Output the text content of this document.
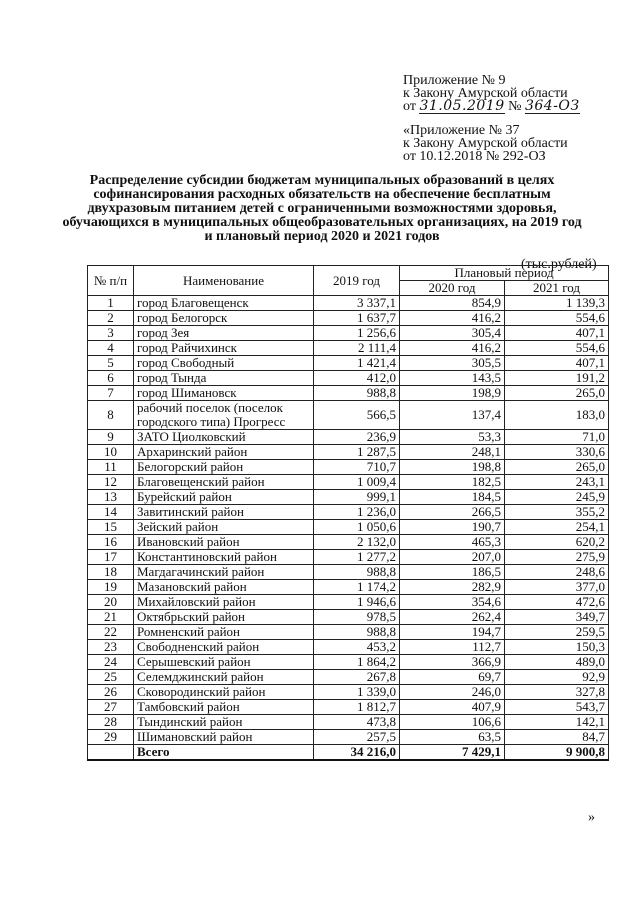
Приложение № 9
к Закону Амурской области
от 31.05.2019 № 364-ОЗ
«Приложение № 37
к Закону Амурской области
от 10.12.2018 № 292-ОЗ
Распределение субсидии бюджетам муниципальных образований в целях софинансирования расходных обязательств на обеспечение бесплатным двухразовым питанием детей с ограниченными возможностями здоровья, обучающихся в муниципальных общеобразовательных организациях, на 2019 год и плановый период 2020 и 2021 годов
(тыс.рублей)
№ п/п	Наименование	2019 год	Плановый период	
			2020 год	2021 год
1	город Благовещенск	3 337,1	854,9	1 139,3
2	город Белогорск	1 637,7	416,2	554,6
3	город Зея	1 256,6	305,4	407,1
4	город Райчихинск	2 111,4	416,2	554,6
5	город Свободный	1 421,4	305,5	407,1
6	город Тында	412,0	143,5	191,2
7	город Шимановск	988,8	198,9	265,0
8	рабочий поселок (поселок городского типа) Прогресс	566,5	137,4	183,0
9	ЗАТО Циолковский	236,9	53,3	71,0
10	Архаринский район	1 287,5	248,1	330,6
11	Белогорский район	710,7	198,8	265,0
12	Благовещенский район	1 009,4	182,5	243,1
13	Бурейский район	999,1	184,5	245,9
14	Завитинский район	1 236,0	266,5	355,2
15	Зейский район	1 050,6	190,7	254,1
16	Ивановский район	2 132,0	465,3	620,2
17	Константиновский район	1 277,2	207,0	275,9
18	Магдагачинский район	988,8	186,5	248,6
19	Мазановский район	1 174,2	282,9	377,0
20	Михайловский район	1 946,6	354,6	472,6
21	Октябрьский район	978,5	262,4	349,7
22	Ромненский район	988,8	194,7	259,5
23	Свободненский район	453,2	112,7	150,3
24	Серышевский район	1 864,2	366,9	489,0
25	Селемджинский район	267,8	69,7	92,9
26	Сковородинский район	1 339,0	246,0	327,8
27	Тамбовский район	1 812,7	407,9	543,7
28	Тындинский район	473,8	106,6	142,1
29	Шимановский район	257,5	63,5	84,7
	Всего	34 216,0	7 429,1	9 900,8
»
